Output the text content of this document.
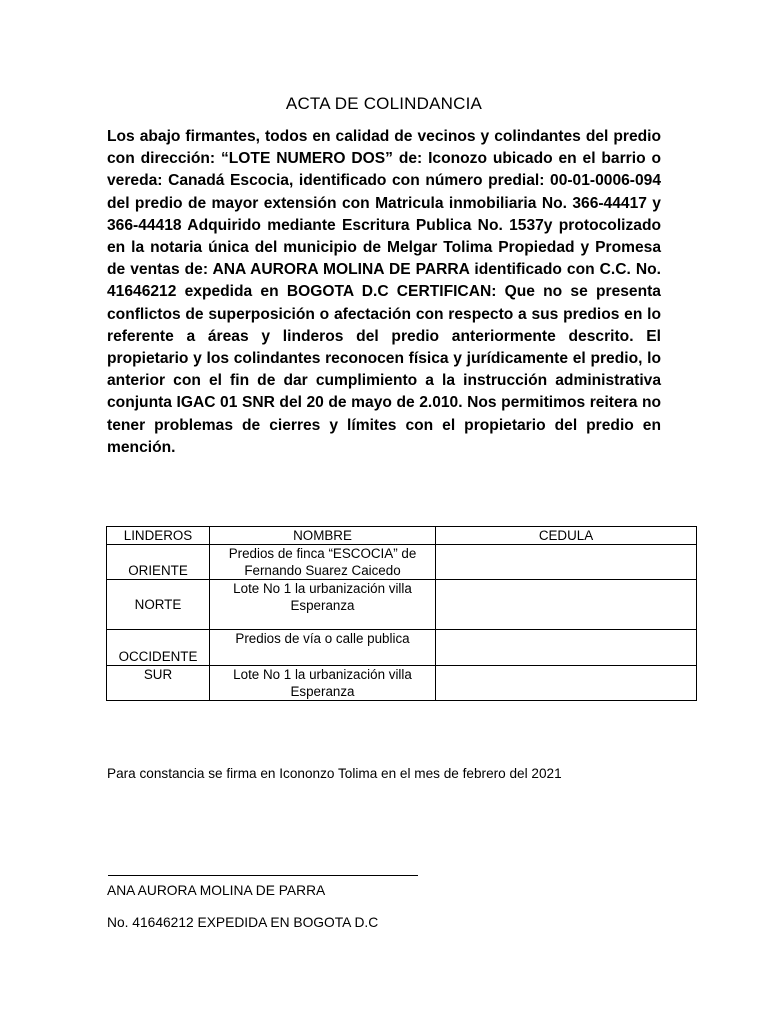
ACTA DE COLINDANCIA

Los abajo firmantes, todos en calidad de vecinos y colindantes del predio con dirección: “LOTE NUMERO DOS” de: Iconozo ubicado en el barrio o vereda: Canadá Escocia, identificado con número predial: 00-01-0006-094 del predio de mayor extensión con Matricula inmobiliaria No. 366-44417 y 366-44418 Adquirido mediante Escritura Publica No. 1537y protocolizado en la notaria única del municipio de Melgar Tolima Propiedad y Promesa de ventas de: ANA AURORA MOLINA DE PARRA identificado con C.C. No. 41646212 expedida en BOGOTA D.C CERTIFICAN: Que no se presenta conflictos de superposición o afectación con respecto a sus predios en lo referente a áreas y linderos del predio anteriormente descrito. El propietario y los colindantes reconocen física y jurídicamente el predio, lo anterior con el fin de dar cumplimiento a la instrucción administrativa conjunta IGAC 01 SNR del 20 de mayo de 2.010. Nos permitimos reitera no tener problemas de cierres y límites con el propietario del predio en mención.

LINDEROS	NOMBRE	CEDULA
ORIENTE	Predios de finca “ESCOCIA” de Fernando Suarez Caicedo	
NORTE	Lote No 1 la urbanización villa Esperanza	
OCCIDENTE	Predios de vía o calle publica	
SUR	Lote No 1 la urbanización villa Esperanza	
Para constancia se firma en Icononzo Tolima en el mes de febrero del 2021
ANA AURORA MOLINA DE PARRA
No. 41646212 EXPEDIDA EN BOGOTA D.C
